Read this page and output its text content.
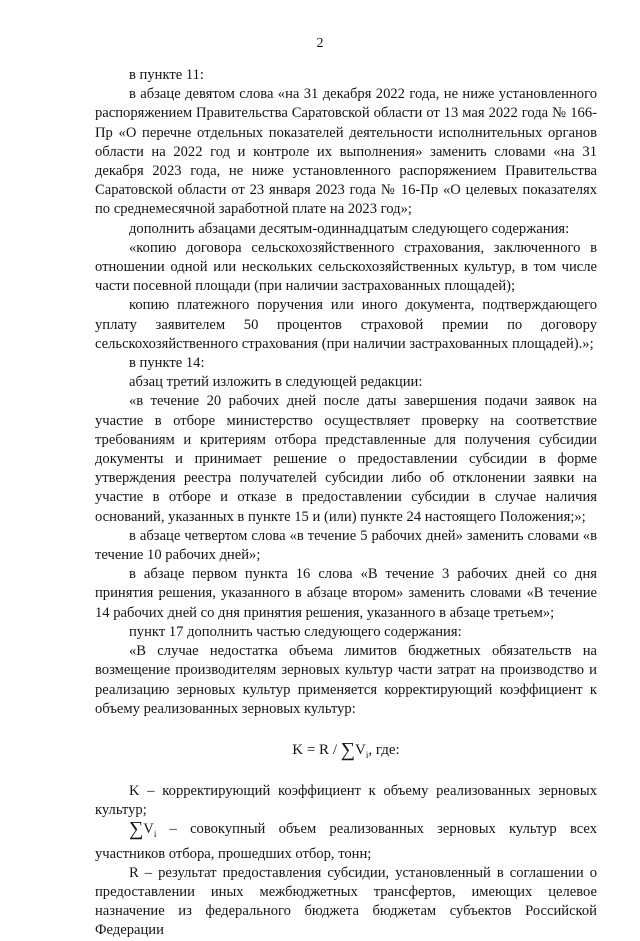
2

в пункте 11:

в абзаце девятом слова «на 31 декабря 2022 года, не ниже установленного распоряжением Правительства Саратовской области от 13 мая 2022 года № 166-Пр «О перечне отдельных показателей деятельности исполнительных органов области на 2022 год и контроле их выполнения» заменить словами «на 31 декабря 2023 года, не ниже установленного распоряжением Правительства Саратовской области от 23 января 2023 года № 16-Пр «О целевых показателях по среднемесячной заработной плате на 2023 год»;

дополнить абзацами десятым-одиннадцатым следующего содержания:

«копию договора сельскохозяйственного страхования, заключенного в отношении одной или нескольких сельскохозяйственных культур, в том числе части посевной площади (при наличии застрахованных площадей);

копию платежного поручения или иного документа, подтверждающего уплату заявителем 50 процентов страховой премии по договору сельскохозяйственного страхования (при наличии застрахованных площадей).»;

в пункте 14:

абзац третий изложить в следующей редакции:

«в течение 20 рабочих дней после даты завершения подачи заявок на участие в отборе министерство осуществляет проверку на соответствие требованиям и критериям отбора представленные для получения субсидии документы и принимает решение о предоставлении субсидии в форме утверждения реестра получателей субсидии либо об отклонении заявки на участие в отборе и отказе в предоставлении субсидии в случае наличия оснований, указанных в пункте 15 и (или) пункте 24 настоящего Положения;»;

в абзаце четвертом слова «в течение 5 рабочих дней» заменить словами «в течение 10 рабочих дней»;

в абзаце первом пункта 16 слова «В течение 3 рабочих дней со дня принятия решения, указанного в абзаце втором» заменить словами «В течение 14 рабочих дней со дня принятия решения, указанного в абзаце третьем»;

пункт 17 дополнить частью следующего содержания:

«В случае недостатка объема лимитов бюджетных обязательств на возмещение производителям зерновых культур части затрат на производство и реализацию зерновых культур применяется корректирующий коэффициент к объему реализованных зерновых культур:

$K = R / \sum V_i$, где:

K – корректирующий коэффициент к объему реализованных зерновых культур;

$\sum V_i$ – совокупный объем реализованных зерновых культур всех участников отбора, прошедших отбор, тонн;

R – результат предоставления субсидии, установленный в соглашении о предоставлении иных межбюджетных трансфертов, имеющих целевое назначение из федерального бюджета бюджетам субъектов Российской Федерации
